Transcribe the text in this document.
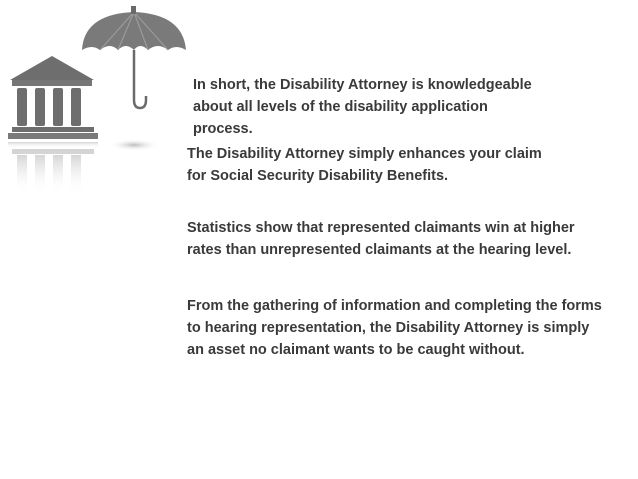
In short, the Disability Attorney is knowledgeable
about all levels of the disability application
process.

The Disability Attorney simply enhances your claim
for Social Security Disability Benefits.

Statistics show that represented claimants win at higher
rates than unrepresented claimants at the hearing level.

From the gathering of information and completing the forms
to hearing representation, the Disability Attorney is simply
an asset no claimant wants to be caught without.
